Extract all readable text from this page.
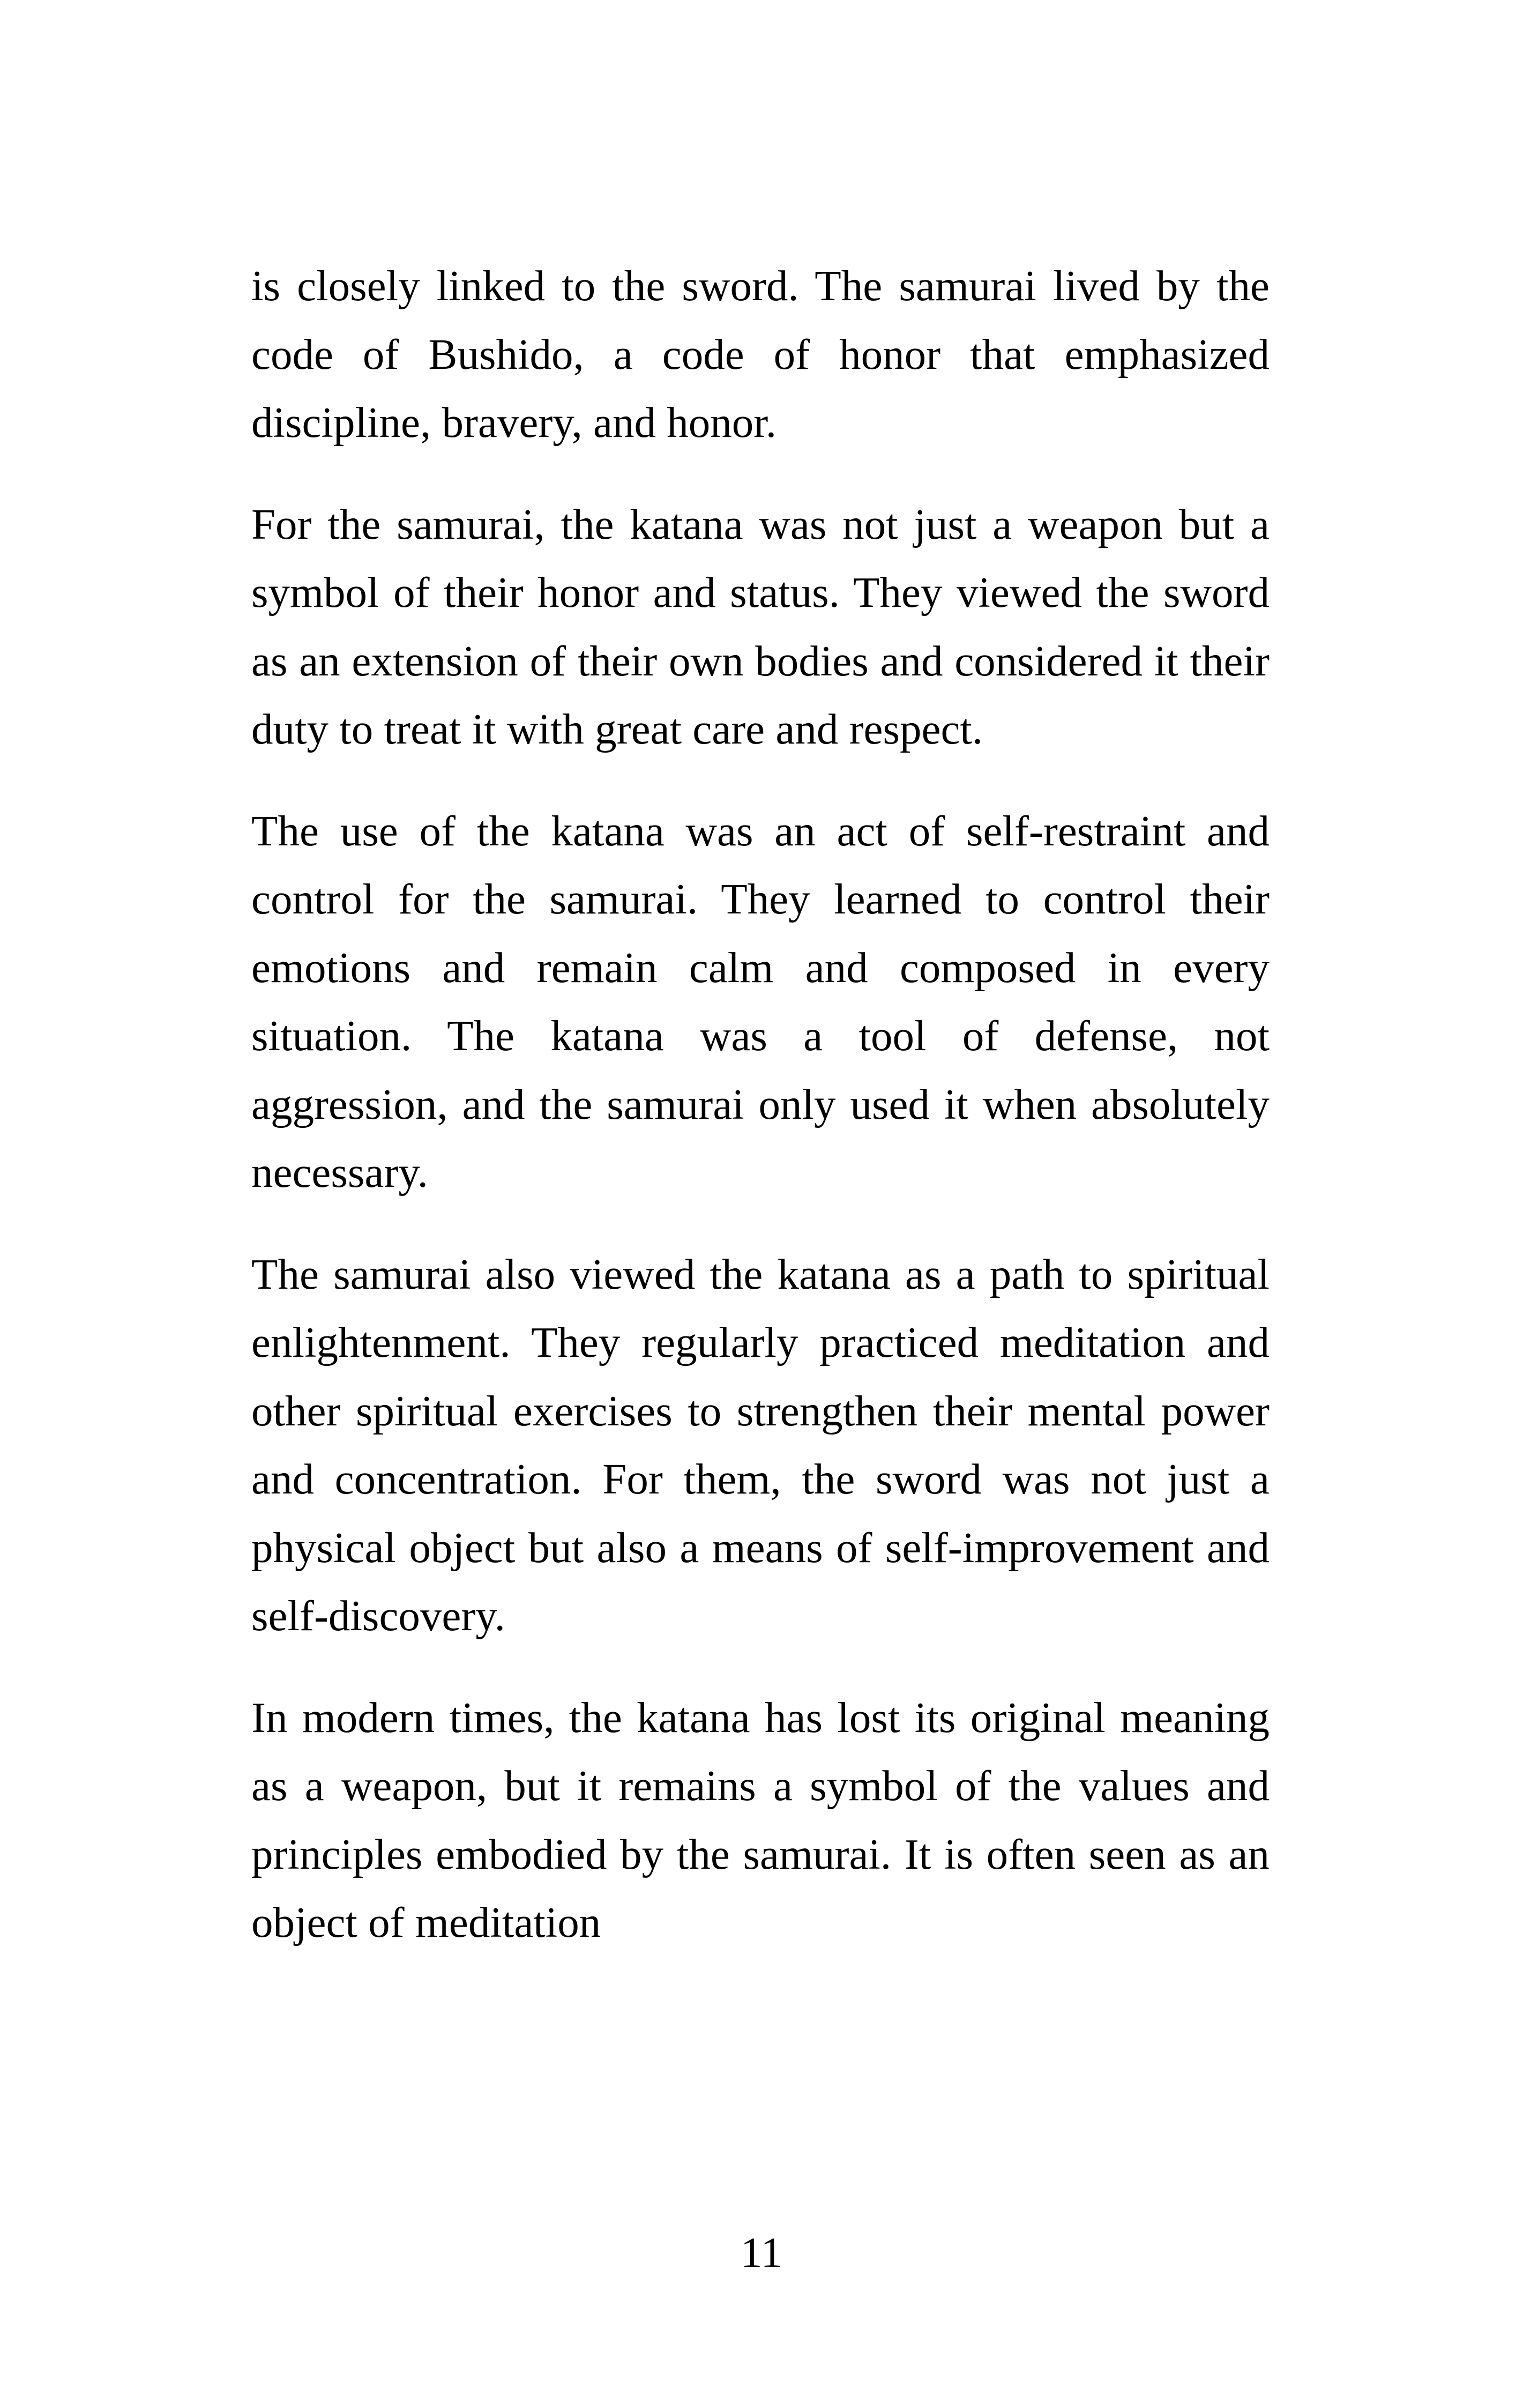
is closely linked to the sword. The samurai lived by the code of Bushido, a code of honor that emphasized discipline, bravery, and honor.

For the samurai, the katana was not just a weapon but a symbol of their honor and status. They viewed the sword as an extension of their own bodies and considered it their duty to treat it with great care and respect.

The use of the katana was an act of self-restraint and control for the samurai. They learned to control their emotions and remain calm and composed in every situation. The katana was a tool of defense, not aggression, and the samurai only used it when absolutely necessary.

The samurai also viewed the katana as a path to spiritual enlightenment. They regularly practiced meditation and other spiritual exercises to strengthen their mental power and concentration. For them, the sword was not just a physical object but also a means of self-improvement and self-discovery.

In modern times, the katana has lost its original meaning as a weapon, but it remains a symbol of the values and principles embodied by the samurai. It is often seen as an object of meditation

11
